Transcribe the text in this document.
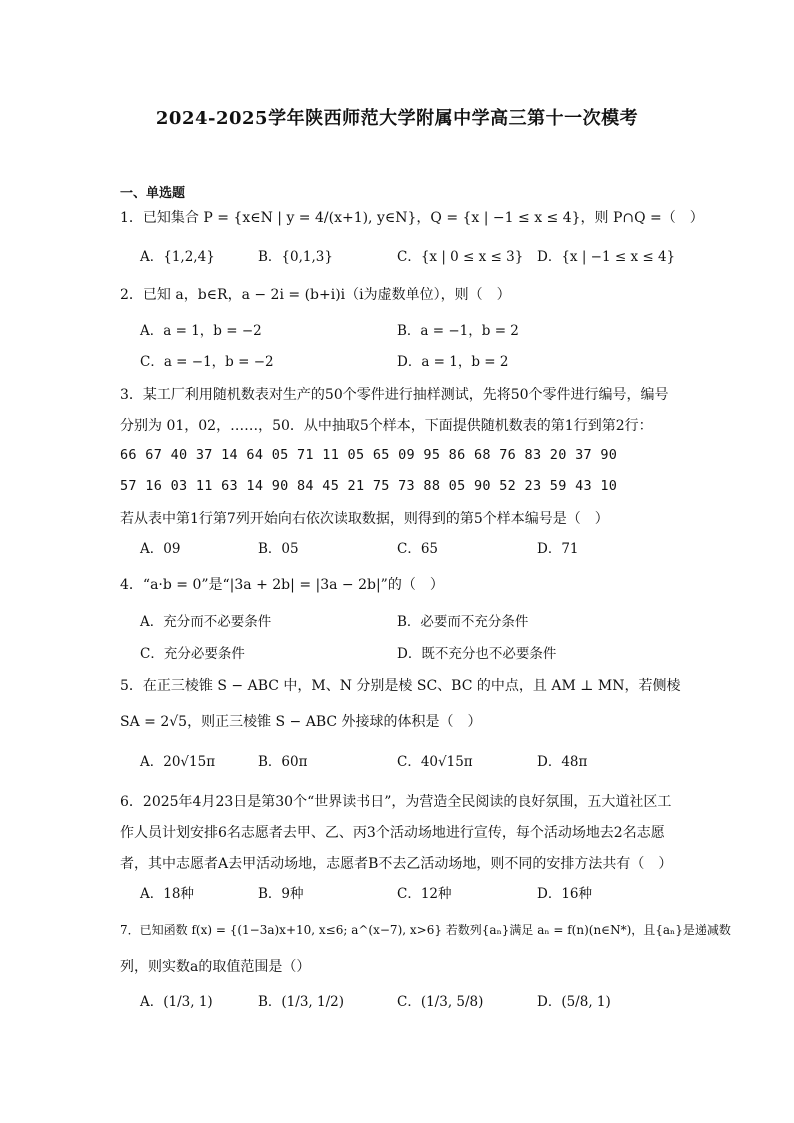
2024-2025学年陕西师范大学附属中学高三第十一次模考
一、单选题
1．已知集合 P = {x∈N | y = 4/(x+1), y∈N}，Q = {x | −1 ≤ x ≤ 4}，则 P∩Q =（　）
A．{1,2,4}	B．{0,1,3}	C．{x | 0 ≤ x ≤ 3} D．{x | −1 ≤ x ≤ 4}
2．已知 a，b∈R，a − 2i = (b+i)i（i为虚数单位），则（　）
A．a = 1，b = −2	B．a = −1，b = 2
C．a = −1，b = −2	D．a = 1，b = 2
3．某工厂利用随机数表对生产的50个零件进行抽样测试，先将50个零件进行编号，编号
分别为 01，02，……，50．从中抽取5个样本，下面提供随机数表的第1行到第2行：
66 67 40 37 14 64 05 71 11 05 65 09 95 86 68 76 83 20 37 90
57 16 03 11 63 14 90 84 45 21 75 73 88 05 90 52 23 59 43 10
若从表中第1行第7列开始向右依次读取数据，则得到的第5个样本编号是（　）
A．09	B．05	C．65	D．71
4．“a·b = 0”是“|3a + 2b| = |3a − 2b|”的（　）
A．充分而不必要条件	B．必要而不充分条件
C．充分必要条件	D．既不充分也不必要条件
5．在正三棱锥 S − ABC 中，M、N 分别是棱 SC、BC 的中点，且 AM ⊥ MN，若侧棱
SA = 2√5，则正三棱锥 S − ABC 外接球的体积是（　）
A．20√15π	B．60π	C．40√15π	D．48π
6．2025年4月23日是第30个“世界读书日”，为营造全民阅读的良好氛围，五大道社区工
作人员计划安排6名志愿者去甲、乙、丙3个活动场地进行宣传，每个活动场地去2名志愿
者，其中志愿者A去甲活动场地，志愿者B不去乙活动场地，则不同的安排方法共有（　）
A．18种	B．9种	C．12种	D．16种
7．已知函数 f(x) = {(1−3a)x+10, x≤6; a^(x−7), x>6} 若数列{aₙ}满足 aₙ = f(n)(n∈N*)，且{aₙ}是递减数
列，则实数a的取值范围是（）
A．(1/3, 1)	B．(1/3, 1/2)	C．(1/3, 5/8)	D．(5/8, 1)
